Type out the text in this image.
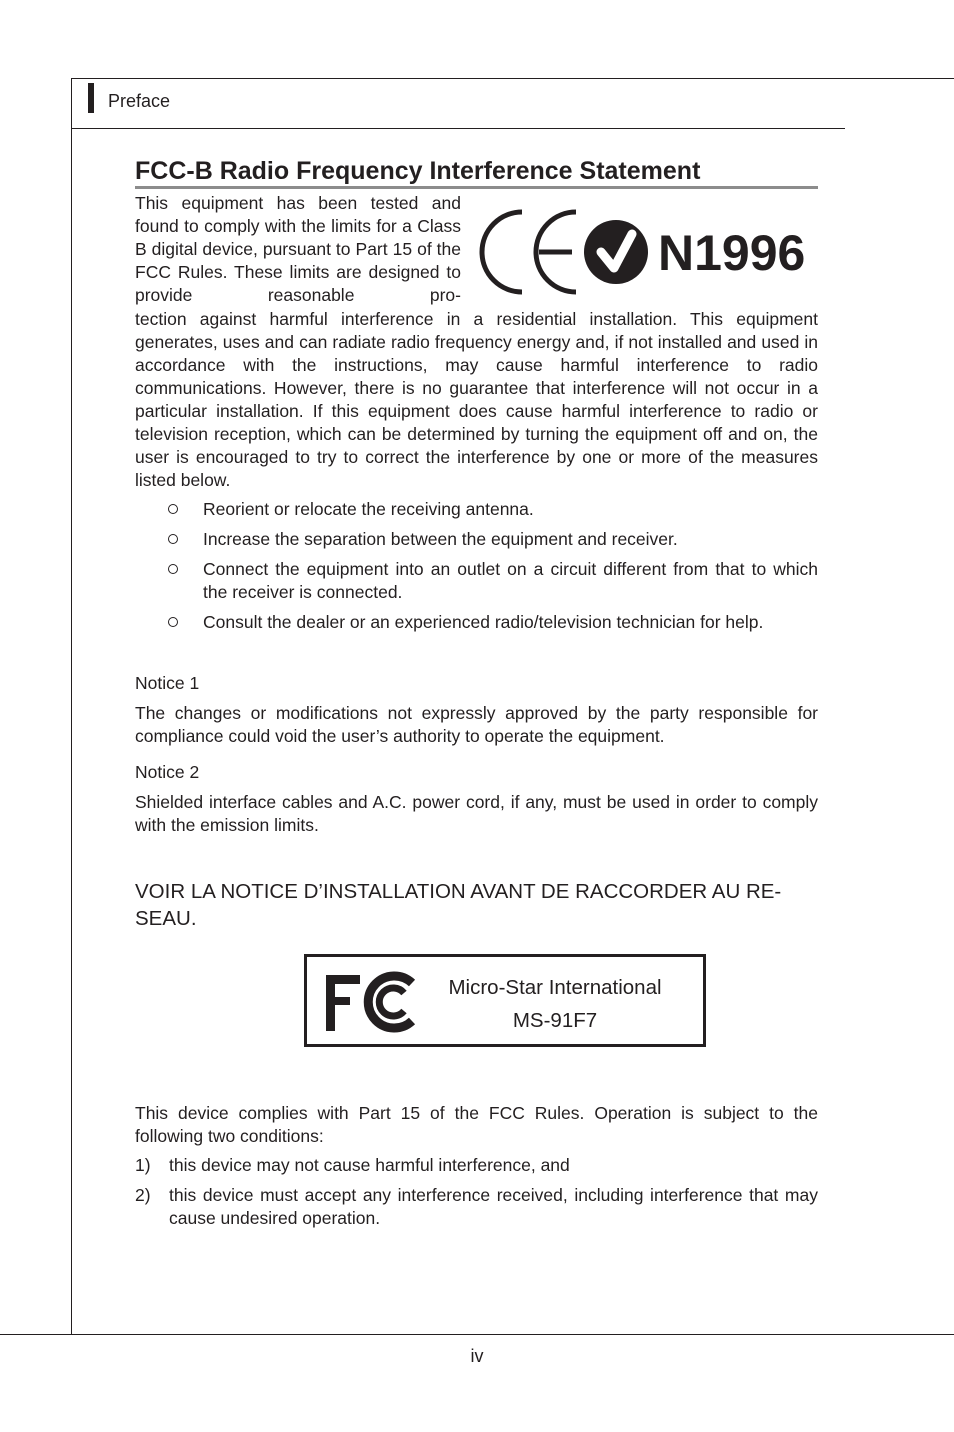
Preface
FCC-B Radio Frequency Interference Statement
This equipment has been tested and found to comply with the limits for a Class B digital device, pursuant to Part 15 of the FCC Rules. These limits are designed to provide reasonable pro-
N1996
tection against harmful interference in a residential installation. This equipment generates, uses and can radiate radio frequency energy and, if not installed and used in accordance with the instructions, may cause harmful interference to radio communications. However, there is no guarantee that interference will not occur in a particular installation. If this equipment does cause harmful interference to radio or television reception, which can be determined by turning the equipment off and on, the user is encouraged to try to correct the interference by one or more of the measures listed below.
Reorient or relocate the receiving antenna.
Increase the separation between the equipment and receiver.
Connect the equipment into an outlet on a circuit different from that to which the receiver is connected.
Consult the dealer or an experienced radio/television technician for help.
Notice 1
The changes or modifications not expressly approved by the party responsible for compliance could void the user’s authority to operate the equipment.
Notice 2
Shielded interface cables and A.C. power cord, if any, must be used in order to comply with the emission limits.
VOIR LA NOTICE D’INSTALLATION AVANT DE RACCORDER AU RE-SEAU.
Micro-Star International
MS-91F7
This device complies with Part 15 of the FCC Rules. Operation is subject to the following two conditions:
1) this device may not cause harmful interference, and
2) this device must accept any interference received, including interference that may cause undesired operation.
iv
